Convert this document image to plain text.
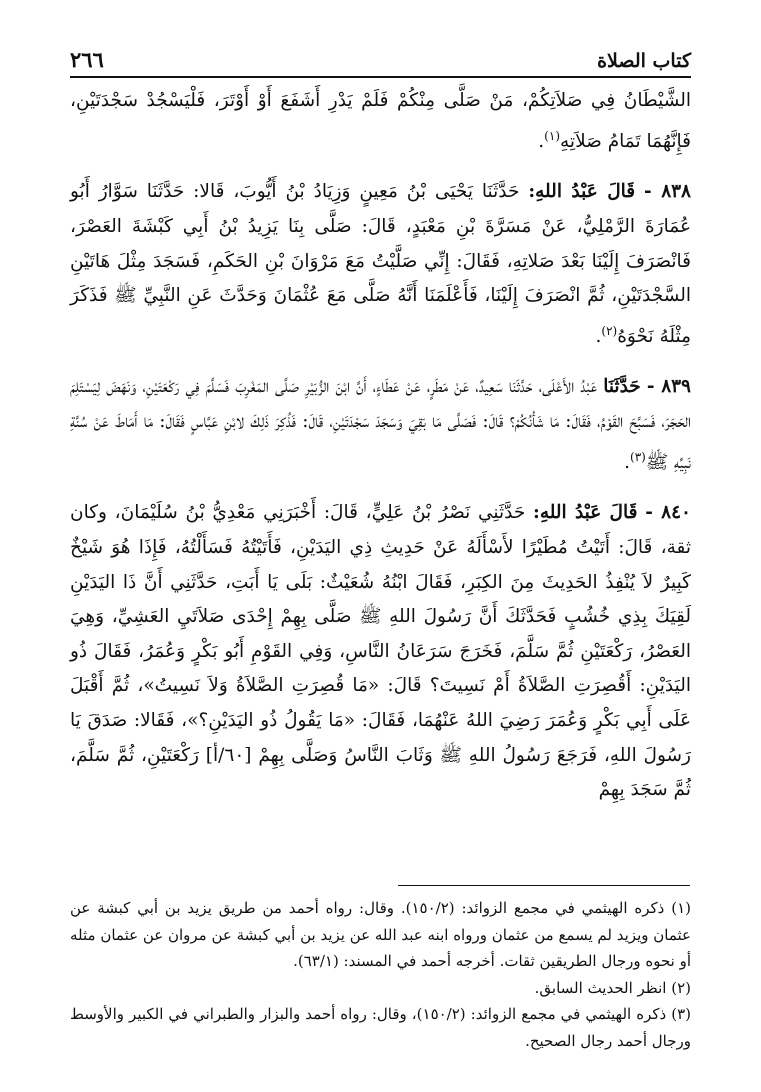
كتاب الصلاة
٢٦٦

الشَّيْطَانُ فِي صَلاَتِكُمْ، مَنْ صَلَّى مِنْكُمْ فَلَمْ يَدْرِ أَشَفَعَ أَوْ أَوْتَرَ، فَلْيَسْجُدْ سَجْدَتَيْنِ، فَإِنَّهُمَا تَمَامُ صَلاَتِهِ$^{(١)}$.

٨٣٨ - قَالَ عَبْدُ اللهِ: حَدَّثَنَا يَحْيَى بْنُ مَعِينٍ وَزِيَادُ بْنُ أَيُّوبَ، قَالا: حَدَّثَنَا سَوَّارُ أَبُو عُمَارَةَ الرَّمْلِيُّ، عَنْ مَسَرَّةَ بْنِ مَعْبَدٍ، قَالَ: صَلَّى بِنَا يَزِيدُ بْنُ أَبِي كَبْشَةَ العَصْرَ، فَانْصَرَفَ إِلَيْنَا بَعْدَ صَلاتِهِ، فَقَالَ: إِنِّي صَلَّيْتُ مَعَ مَرْوَانَ بْنِ الحَكَمِ، فَسَجَدَ مِثْلَ هَاتَيْنِ السَّجْدَتَيْنِ، ثُمَّ انْصَرَفَ إِلَيْنَا، فَأَعْلَمَنَا أَنَّهُ صَلَّى مَعَ عُثْمَانَ وَحَدَّثَ عَنِ النَّبِيِّ ﷺ فَذَكَرَ مِثْلَهُ نَحْوَهُ$^{(٢)}$.

٨٣٩ - حَدَّثَنَا عَبْدُ الأَعْلَى، حَدَّثَنَا سَعِيدٌ، عَنْ مَطَرٍ، عَنْ عَطَاءٍ، أَنَّ ابْنَ الزُّبَيْرِ صَلَّى المَغْرِبَ فَسَلَّمَ فِي رَكْعَتَيْنِ، وَنَهَضَ لِيَسْتَلِمَ الحَجَرَ، فَسَبَّحَ القَوْمُ، فَقَالَ: مَا شَأْنُكُمْ؟ قَالَ: فَصَلَّى مَا بَقِيَ وَسَجَدَ سَجْدَتَيْنِ، قَالَ: فَذُكِرَ ذَلِكَ لابْنِ عَبَّاسٍ فَقَالَ: مَا أَمَاطَ عَنْ سُنَّةِ نَبِيِّهِ ﷺ$^{(٣)}$.

٨٤٠ - قَالَ عَبْدُ اللهِ: حَدَّثَنِي نَصْرُ بْنُ عَلِيٍّ، قَالَ: أَخْبَرَنِي مَعْدِيُّ بْنُ سُلَيْمَانَ، وكان ثقة، قَالَ: أَتَيْتُ مُطَيْرًا لأَسْأَلَهُ عَنْ حَدِيثِ ذِي اليَدَيْنِ، فَأَتَيْتُهُ فَسَأَلْتُهُ، فَإِذَا هُوَ شَيْخٌ كَبِيرٌ لاَ يُنْفِذُ الحَدِيثَ مِنَ الكِبَرِ، فَقَالَ ابْنُهُ شُعَيْثٌ: بَلَى يَا أَبَتِ، حَدَّثَنِي أَنَّ ذَا اليَدَيْنِ لَقِيَكَ بِذِي خُشُبٍ فَحَدَّثَكَ أَنَّ رَسُولَ اللهِ ﷺ صَلَّى بِهِمْ إِحْدَى صَلاَتَيِ العَشِيِّ، وَهِيَ العَصْرُ، رَكْعَتَيْنِ ثُمَّ سَلَّمَ، فَخَرَجَ سَرَعَانُ النَّاسِ، وَفِي القَوْمِ أَبُو بَكْرٍ وَعُمَرُ، فَقَالَ ذُو اليَدَيْنِ: أَقُصِرَتِ الصَّلاَةُ أَمْ نَسِيتَ؟ قَالَ: «مَا قُصِرَتِ الصَّلاَةُ وَلاَ نَسِيتُ»، ثُمَّ أَقْبَلَ عَلَى أَبِي بَكْرٍ وَعُمَرَ رَضِيَ اللهُ عَنْهُمَا، فَقَالَ: «مَا يَقُولُ ذُو اليَدَيْنِ؟»، فَقَالا: صَدَقَ يَا رَسُولَ اللهِ، فَرَجَعَ رَسُولُ اللهِ ﷺ وَثَابَ النَّاسُ وَصَلَّى بِهِمْ [٦٠/أ] رَكْعَتَيْنِ، ثُمَّ سَلَّمَ، ثُمَّ سَجَدَ بِهِمْ

(١) ذكره الهيثمي في مجمع الزوائد: (١٥٠/٢). وقال: رواه أحمد من طريق يزيد بن أبي كبشة عن عثمان ويزيد لم يسمع من عثمان ورواه ابنه عبد الله عن يزيد بن أبي كبشة عن مروان عن عثمان مثله أو نحوه ورجال الطريقين ثقات. أخرجه أحمد في المسند: (٦٣/١).

(٢) انظر الحديث السابق.

(٣) ذكره الهيثمي في مجمع الزوائد: (١٥٠/٢)، وقال: رواه أحمد والبزار والطبراني في الكبير والأوسط ورجال أحمد رجال الصحيح.
